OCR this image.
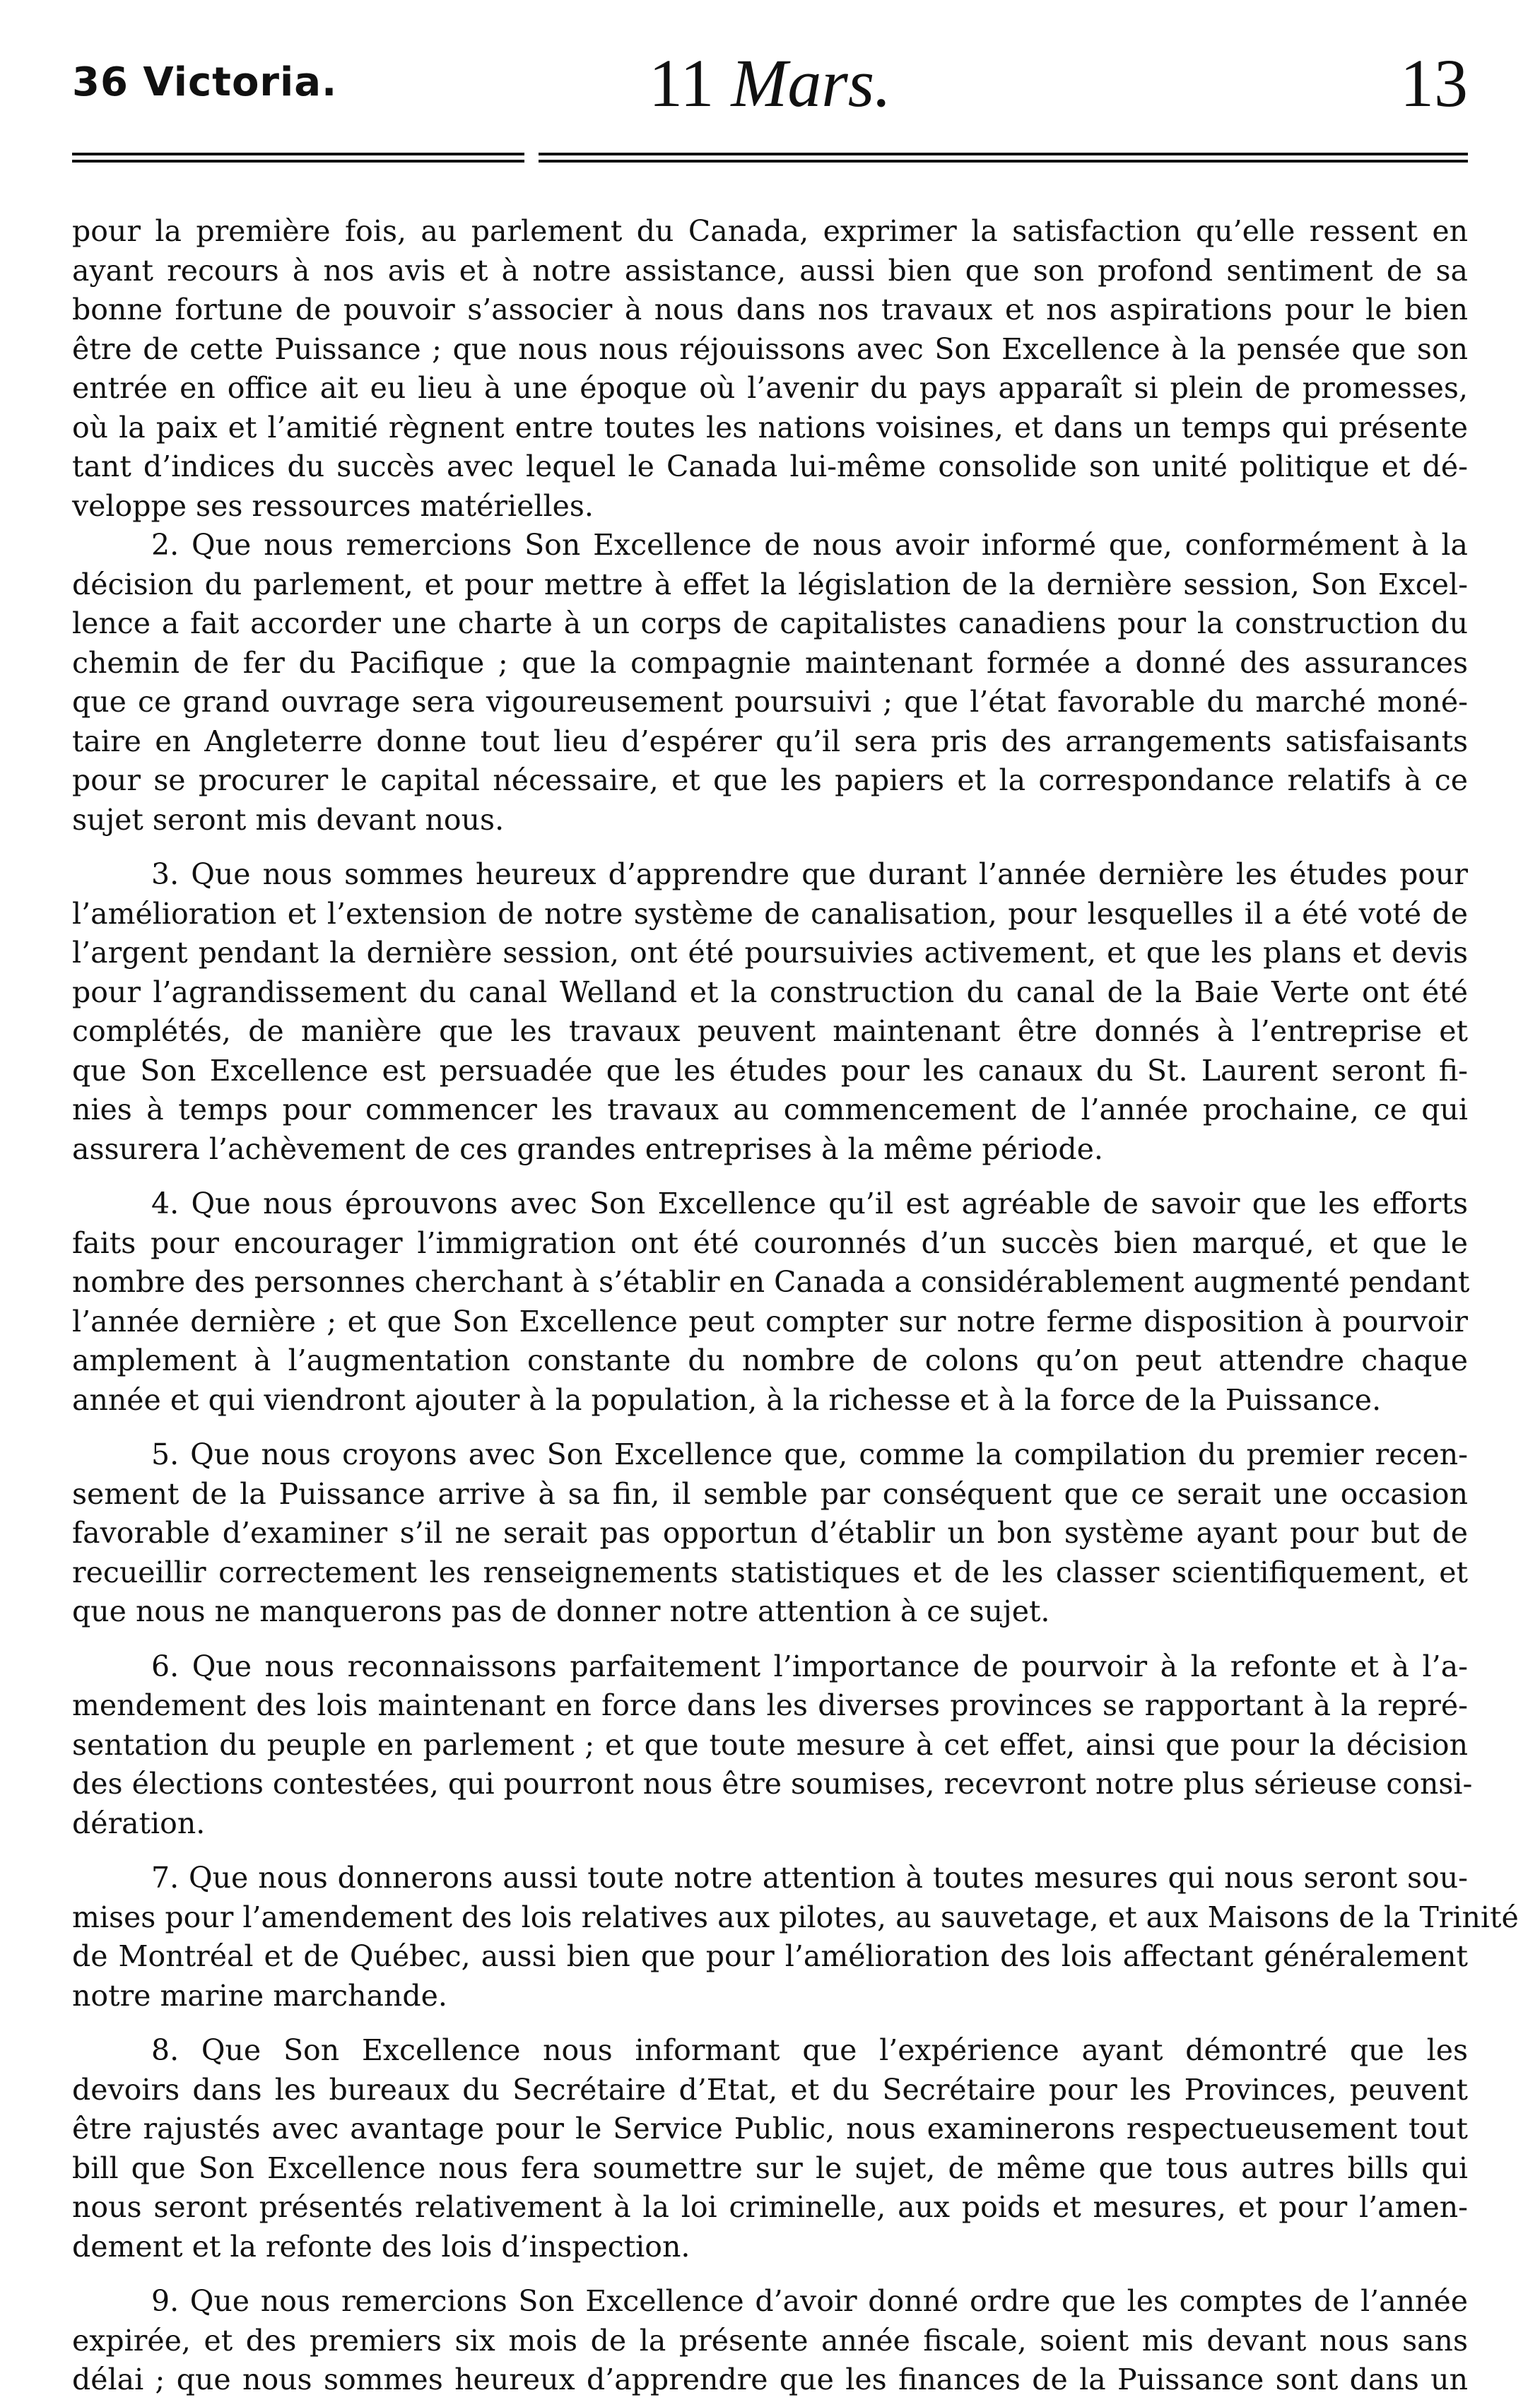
36 Victoria.	11 Mars.	13
pour la première fois, au parlement du Canada, exprimer la satisfaction qu’elle ressent en
ayant recours à nos avis et à notre assistance, aussi bien que son profond sentiment de sa
bonne fortune de pouvoir s’associer à nous dans nos travaux et nos aspirations pour le bien
être de cette Puissance ; que nous nous réjouissons avec Son Excellence à la pensée que son
entrée en office ait eu lieu à une époque où l’avenir du pays apparaît si plein de promesses,
où la paix et l’amitié règnent entre toutes les nations voisines, et dans un temps qui présente
tant d’indices du succès avec lequel le Canada lui-même consolide son unité politique et dé-
veloppe ses ressources matérielles.
2. Que nous remercions Son Excellence de nous avoir informé que, conformément à la
décision du parlement, et pour mettre à effet la législation de la dernière session, Son Excel-
lence a fait accorder une charte à un corps de capitalistes canadiens pour la construction du
chemin de fer du Pacifique ; que la compagnie maintenant formée a donné des assurances
que ce grand ouvrage sera vigoureusement poursuivi ; que l’état favorable du marché moné-
taire en Angleterre donne tout lieu d’espérer qu’il sera pris des arrangements satisfaisants
pour se procurer le capital nécessaire, et que les papiers et la correspondance relatifs à ce
sujet seront mis devant nous.
3. Que nous sommes heureux d’apprendre que durant l’année dernière les études pour
l’amélioration et l’extension de notre système de canalisation, pour lesquelles il a été voté de
l’argent pendant la dernière session, ont été poursuivies activement, et que les plans et devis
pour l’agrandissement du canal Welland et la construction du canal de la Baie Verte ont été
complétés, de manière que les travaux peuvent maintenant être donnés à l’entreprise et
que Son Excellence est persuadée que les études pour les canaux du St. Laurent seront fi-
nies à temps pour commencer les travaux au commencement de l’année prochaine, ce qui
assurera l’achèvement de ces grandes entreprises à la même période.
4. Que nous éprouvons avec Son Excellence qu’il est agréable de savoir que les efforts
faits pour encourager l’immigration ont été couronnés d’un succès bien marqué, et que le
nombre des personnes cherchant à s’établir en Canada a considérablement augmenté pendant
l’année dernière ; et que Son Excellence peut compter sur notre ferme disposition à pourvoir
amplement à l’augmentation constante du nombre de colons qu’on peut attendre chaque
année et qui viendront ajouter à la population, à la richesse et à la force de la Puissance.
5. Que nous croyons avec Son Excellence que, comme la compilation du premier recen-
sement de la Puissance arrive à sa fin, il semble par conséquent que ce serait une occasion
favorable d’examiner s’il ne serait pas opportun d’établir un bon système ayant pour but de
recueillir correctement les renseignements statistiques et de les classer scientifiquement, et
que nous ne manquerons pas de donner notre attention à ce sujet.
6. Que nous reconnaissons parfaitement l’importance de pourvoir à la refonte et à l’a-
mendement des lois maintenant en force dans les diverses provinces se rapportant à la repré-
sentation du peuple en parlement ; et que toute mesure à cet effet, ainsi que pour la décision
des élections contestées, qui pourront nous être soumises, recevront notre plus sérieuse consi-
dération.
7. Que nous donnerons aussi toute notre attention à toutes mesures qui nous seront sou-
mises pour l’amendement des lois relatives aux pilotes, au sauvetage, et aux Maisons de la Trinité
de Montréal et de Québec, aussi bien que pour l’amélioration des lois affectant généralement
notre marine marchande.
8. Que Son Excellence nous informant que l’expérience ayant démontré que les
devoirs dans les bureaux du Secrétaire d’Etat, et du Secrétaire pour les Provinces, peuvent
être rajustés avec avantage pour le Service Public, nous examinerons respectueusement tout
bill que Son Excellence nous fera soumettre sur le sujet, de même que tous autres bills qui
nous seront présentés relativement à la loi criminelle, aux poids et mesures, et pour l’amen-
dement et la refonte des lois d’inspection.
9. Que nous remercions Son Excellence d’avoir donné ordre que les comptes de l’année
expirée, et des premiers six mois de la présente année fiscale, soient mis devant nous sans
délai ; que nous sommes heureux d’apprendre que les finances de la Puissance sont dans un
